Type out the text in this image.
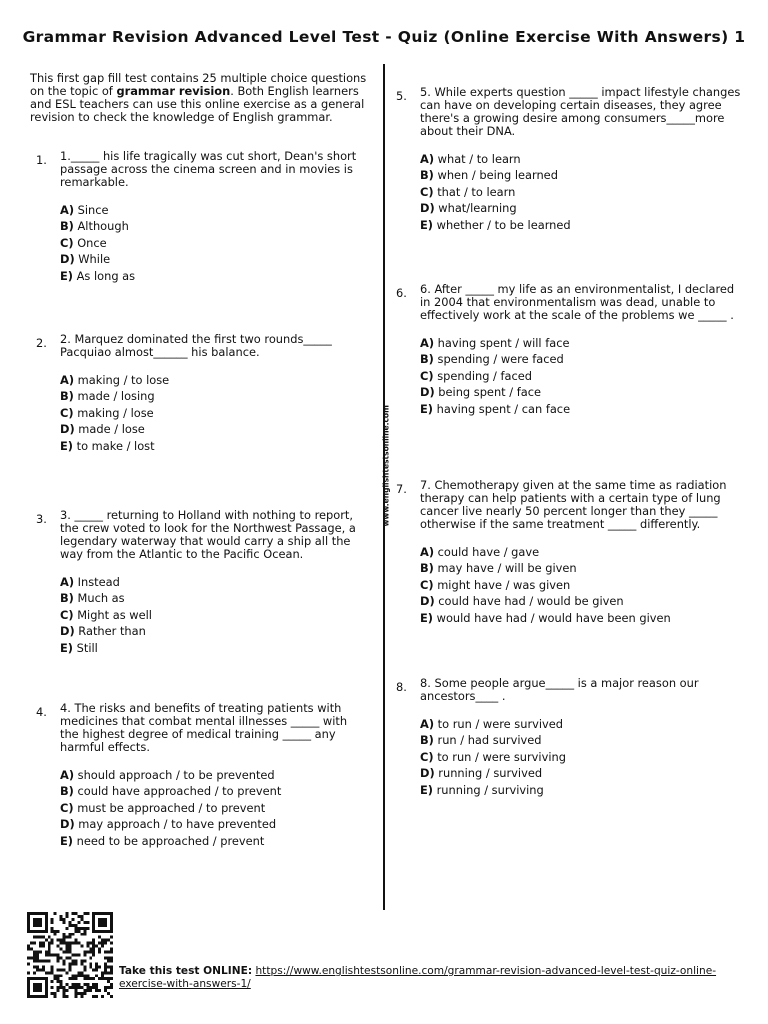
Grammar Revision Advanced Level Test - Quiz (Online Exercise With Answers) 1
This first gap fill test contains 25 multiple choice questions on the topic of grammar revision. Both English learners and ESL teachers can use this online exercise as a general revision to check the knowledge of English grammar.
www.englishtestsonline.com
1. 1._____ his life tragically was cut short, Dean's short passage across the cinema screen and in movies is remarkable.
A) Since
B) Although
C) Once
D) While
E) As long as
2. 2. Marquez dominated the first two rounds_____ Pacquiao almost______ his balance.
A) making / to lose
B) made / losing
C) making / lose
D) made / lose
E) to make / lost
3. 3. _____ returning to Holland with nothing to report, the crew voted to look for the Northwest Passage, a legendary waterway that would carry a ship all the way from the Atlantic to the Pacific Ocean.
A) Instead
B) Much as
C) Might as well
D) Rather than
E) Still
4. 4. The risks and benefits of treating patients with medicines that combat mental illnesses _____ with the highest degree of medical training _____ any harmful effects.
A) should approach / to be prevented
B) could have approached / to prevent
C) must be approached / to prevent
D) may approach / to have prevented
E) need to be approached / prevent
5. 5. While experts question _____ impact lifestyle changes can have on developing certain diseases, they agree there's a growing desire among consumers_____more about their DNA.
A) what / to learn
B) when / being learned
C) that / to learn
D) what/learning
E) whether / to be learned
6. 6. After _____ my life as an environmentalist, I declared in 2004 that environmentalism was dead, unable to effectively work at the scale of the problems we _____ .
A) having spent / will face
B) spending / were faced
C) spending / faced
D) being spent / face
E) having spent / can face
7. 7. Chemotherapy given at the same time as radiation therapy can help patients with a certain type of lung cancer live nearly 50 percent longer than they _____ otherwise if the same treatment _____ differently.
A) could have / gave
B) may have / will be given
C) might have / was given
D) could have had / would be given
E) would have had / would have been given
8. 8. Some people argue_____ is a major reason our ancestors____ .
A) to run / were survived
B) run / had survived
C) to run / were surviving
D) running / survived
E) running / surviving
Take this test ONLINE: https://www.englishtestsonline.com/grammar-revision-advanced-level-test-quiz-online-exercise-with-answers-1/
